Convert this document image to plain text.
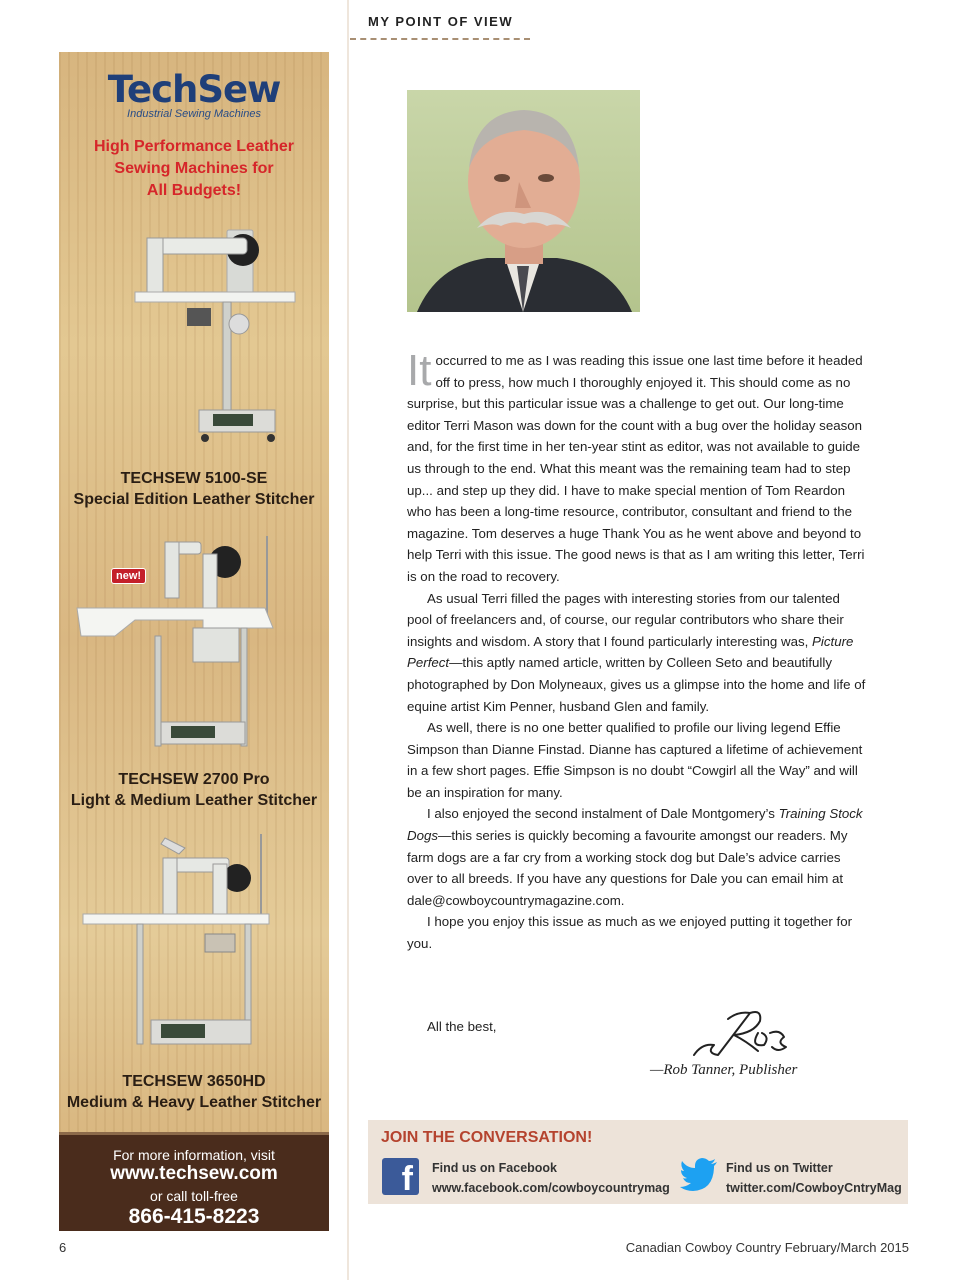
MY POINT OF VIEW
TechSew
Industrial Sewing Machines
High Performance Leather
Sewing Machines for
All Budgets!
TECHSEW 5100-SE
Special Edition Leather Stitcher
new!
TECHSEW 2700 Pro
Light & Medium Leather Stitcher
TECHSEW 3650HD
Medium & Heavy Leather Stitcher
For more information, visit
www.techsew.com
or call toll-free
866-415-8223

It occurred to me as I was reading this issue one last time before it headed off to press, how much I thoroughly enjoyed it. This should come as no surprise, but this particular issue was a challenge to get out. Our long-time editor Terri Mason was down for the count with a bug over the holiday season and, for the first time in her ten-year stint as editor, was not available to guide us through to the end. What this meant was the remaining team had to step up... and step up they did. I have to make special mention of Tom Reardon who has been a long-time resource, contributor, consultant and friend to the magazine. Tom deserves a huge Thank You as he went above and beyond to help Terri with this issue. The good news is that as I am writing this letter, Terri is on the road to recovery.

As usual Terri filled the pages with interesting stories from our talented pool of freelancers and, of course, our regular contributors who share their insights and wisdom. A story that I found particularly interesting was, Picture Perfect—this aptly named article, written by Colleen Seto and beautifully photographed by Don Molyneaux, gives us a glimpse into the home and life of equine artist Kim Penner, husband Glen and family.

As well, there is no one better qualified to profile our living legend Effie Simpson than Dianne Finstad. Dianne has captured a lifetime of achievement in a few short pages. Effie Simpson is no doubt “Cowgirl all the Way” and will be an inspiration for many.

I also enjoyed the second instalment of Dale Montgomery’s Training Stock Dogs—this series is quickly becoming a favourite amongst our readers. My farm dogs are a far cry from a working stock dog but Dale’s advice carries over to all breeds. If you have any questions for Dale you can email him at dale@cowboycountrymagazine.com.

I hope you enjoy this issue as much as we enjoyed putting it together for you.

All the best,
—Rob Tanner, Publisher
JOIN THE CONVERSATION!
f Find us on Facebook
www.facebook.com/cowboycountrymag
Find us on Twitter
twitter.com/CowboyCntryMag
6	Canadian Cowboy Country February/March 2015
